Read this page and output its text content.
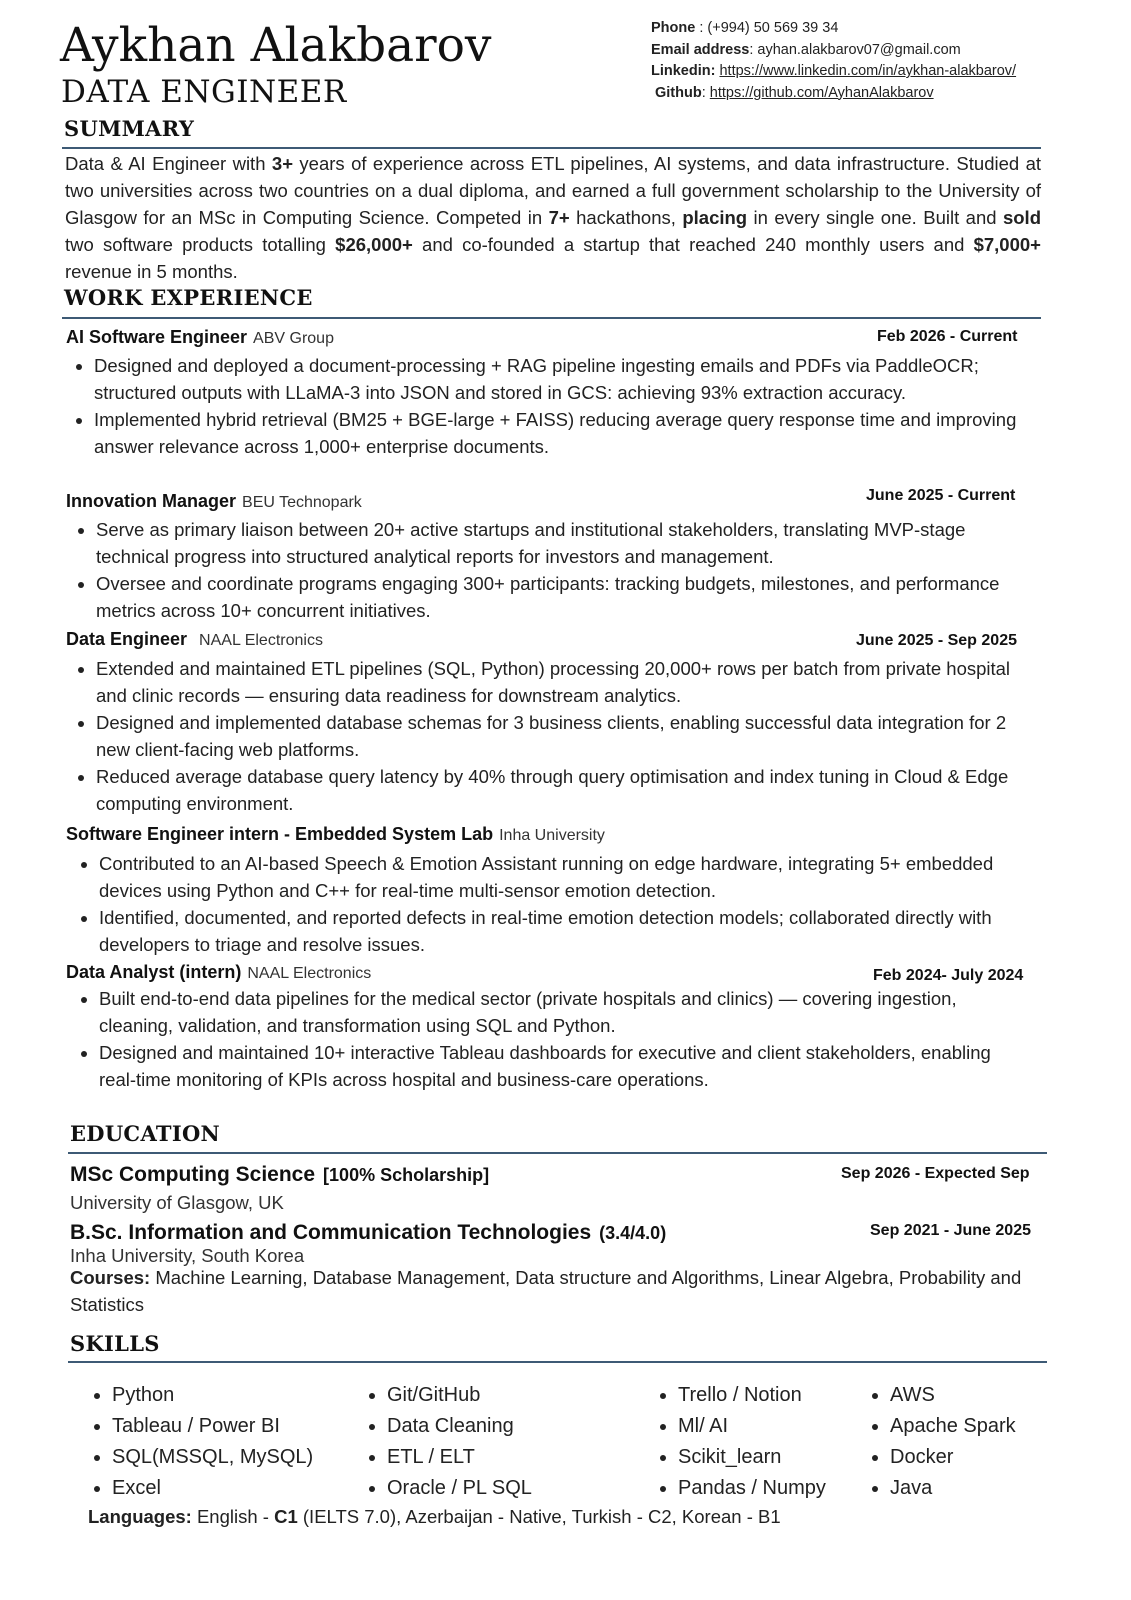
Aykhan Alakbarov
DATA ENGINEER
Phone : (+994) 50 569 39 34
Email address: ayhan.alakbarov07@gmail.com
Linkedin: https://www.linkedin.com/in/aykhan-alakbarov/
Github: https://github.com/AyhanAlakbarov
SUMMARY
Data & AI Engineer with 3+ years of experience across ETL pipelines, AI systems, and data infrastructure. Studied at two universities across two countries on a dual diploma, and earned a full government scholarship to the University of Glasgow for an MSc in Computing Science. Competed in 7+ hackathons, placing in every single one. Built and sold two software products totalling $26,000+ and co-founded a startup that reached 240 monthly users and $7,000+ revenue in 5 months.
WORK EXPERIENCE
AI Software Engineer ABV Group	Feb 2026 - Current
• Designed and deployed a document-processing + RAG pipeline ingesting emails and PDFs via PaddleOCR; structured outputs with LLaMA-3 into JSON and stored in GCS: achieving 93% extraction accuracy.
• Implemented hybrid retrieval (BM25 + BGE-large + FAISS) reducing average query response time and improving answer relevance across 1,000+ enterprise documents.
Innovation Manager BEU Technopark	June 2025 - Current
• Serve as primary liaison between 20+ active startups and institutional stakeholders, translating MVP-stage technical progress into structured analytical reports for investors and management.
• Oversee and coordinate programs engaging 300+ participants: tracking budgets, milestones, and performance metrics across 10+ concurrent initiatives.
Data Engineer NAAL Electronics	June 2025 - Sep 2025
• Extended and maintained ETL pipelines (SQL, Python) processing 20,000+ rows per batch from private hospital and clinic records — ensuring data readiness for downstream analytics.
• Designed and implemented database schemas for 3 business clients, enabling successful data integration for 2 new client-facing web platforms.
• Reduced average database query latency by 40% through query optimisation and index tuning in Cloud & Edge computing environment.
Software Engineer intern - Embedded System Lab Inha University
• Contributed to an AI-based Speech & Emotion Assistant running on edge hardware, integrating 5+ embedded devices using Python and C++ for real-time multi-sensor emotion detection.
• Identified, documented, and reported defects in real-time emotion detection models; collaborated directly with developers to triage and resolve issues.
Data Analyst (intern) NAAL Electronics	Feb 2024- July 2024
• Built end-to-end data pipelines for the medical sector (private hospitals and clinics) — covering ingestion, cleaning, validation, and transformation using SQL and Python.
• Designed and maintained 10+ interactive Tableau dashboards for executive and client stakeholders, enabling real-time monitoring of KPIs across hospital and business-care operations.
EDUCATION
MSc Computing Science [100% Scholarship]	Sep 2026 - Expected Sep
University of Glasgow, UK
B.Sc. Information and Communication Technologies (3.4/4.0)	Sep 2021 - June 2025
Inha University, South Korea
Courses: Machine Learning, Database Management, Data structure and Algorithms, Linear Algebra, Probability and Statistics
SKILLS
• Python
• Tableau / Power BI
• SQL(MSSQL, MySQL)
• Excel
• Git/GitHub
• Data Cleaning
• ETL / ELT
• Oracle / PL SQL
• Trello / Notion
• Ml/ AI
• Scikit_learn
• Pandas / Numpy
• AWS
• Apache Spark
• Docker
• Java
Languages: English - C1 (IELTS 7.0), Azerbaijan - Native, Turkish - C2, Korean - B1
